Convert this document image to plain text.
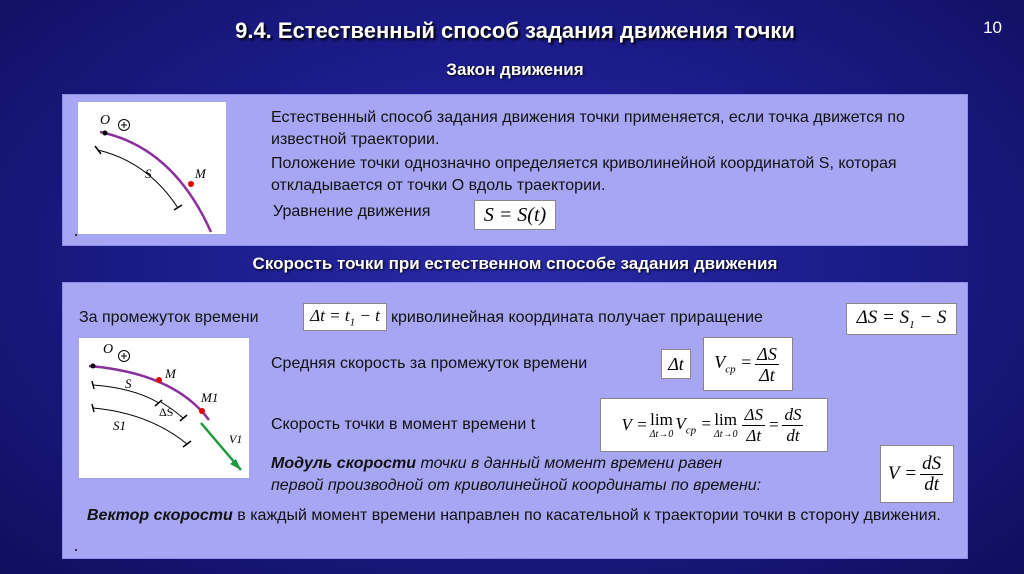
9.4. Естественный способ задания движения точки	10
Закон движения
O
S	M
Естественный способ задания движения точки применяется, если точка движется по известной траектории.
Положение точки однозначно определяется криволинейной координатой S, которая откладывается от точки O вдоль траектории.
Уравнение движения	S = S(t)
Скорость точки при естественном способе задания движения
За промежуток времени	$\Delta t = t_1 - t$ криволинейная координата получает приращение	$\Delta S = S_1 - S$
O
M
S
ΔS
M1
S1
V1
Средняя скорость за промежуток времени	Δt $V_{cp} = \frac{\Delta S}{\Delta t}$
Скорость точки в момент времени t	V = lim
Δt→0
$V_{cp} = \lim$
$\Delta t\to 0 \frac{\Delta S}{\Delta t} = \frac{dS}{dt}$
Модуль скорости точки в данный момент времени равен
первой производной от криволинейной координаты по времени:
$V = \frac{dS}{dt}$
Вектор скорости в каждый момент времени направлен по касательной к траектории точки в сторону движения.
